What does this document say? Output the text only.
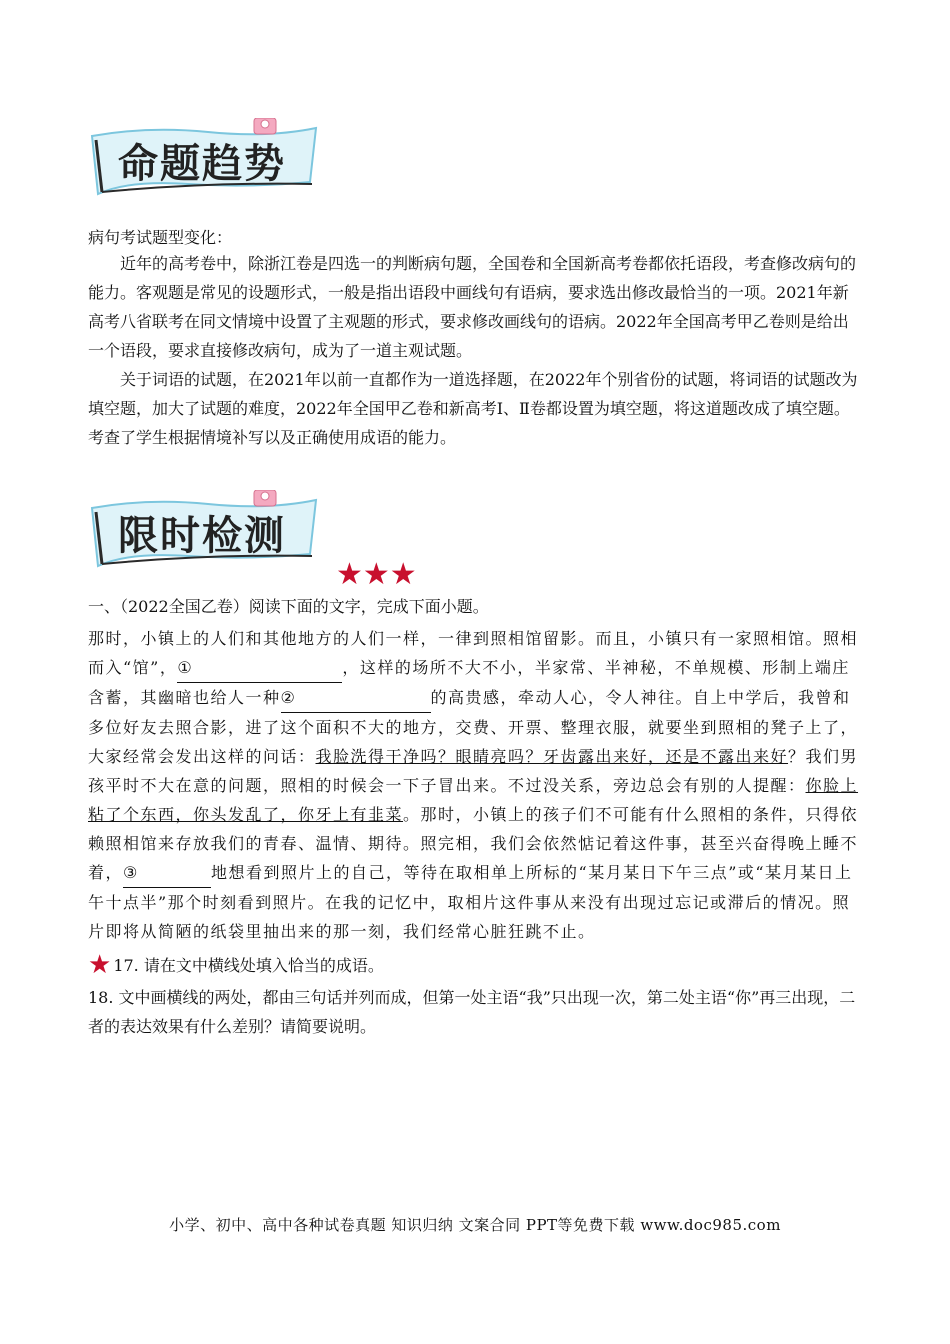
命题趋势
病句考试题型变化：
近年的高考卷中，除浙江卷是四选一的判断病句题，全国卷和全国新高考卷都依托语段，考查修改病句的能力。客观题是常见的设题形式，一般是指出语段中画线句有语病，要求选出修改最恰当的一项。2021年新高考八省联考在同文情境中设置了主观题的形式，要求修改画线句的语病。2022年全国高考甲乙卷则是给出一个语段，要求直接修改病句，成为了一道主观试题。
关于词语的试题，在2021年以前一直都作为一道选择题，在2022年个别省份的试题，将词语的试题改为填空题，加大了试题的难度，2022年全国甲乙卷和新高考Ⅰ、Ⅱ卷都设置为填空题，将这道题改成了填空题。考查了学生根据情境补写以及正确使用成语的能力。
限时检测
★★★
一、（2022全国乙卷）阅读下面的文字，完成下面小题。
那时，小镇上的人们和其他地方的人们一样，一律到照相馆留影。而且，小镇只有一家照相馆。照相而入“馆”，①	，这样的场所不大不小，半家常、半神秘，不单规模、形制上端庄含蓄，其幽暗也给人一种②	的高贵感，牵动人心，令人神往。自上中学后，我曾和多位好友去照合影，进了这个面积不大的地方，交费、开票、整理衣服，就要坐到照相的凳子上了，大家经常会发出这样的问话：我脸洗得干净吗？眼睛亮吗？牙齿露出来好，还是不露出来好？我们男孩平时不大在意的问题，照相的时候会一下子冒出来。不过没关系，旁边总会有别的人提醒：你脸上粘了个东西，你头发乱了，你牙上有韭菜。那时，小镇上的孩子们不可能有什么照相的条件，只得依赖照相馆来存放我们的青春、温情、期待。照完相，我们会依然惦记着这件事，甚至兴奋得晚上睡不着，③	地想看到照片上的自己，等待在取相单上所标的“某月某日下午三点”或“某月某日上午十点半”那个时刻看到照片。在我的记忆中，取相片这件事从来没有出现过忘记或滞后的情况。照片即将从简陋的纸袋里抽出来的那一刻，我们经常心脏狂跳不止。
★ 17. 请在文中横线处填入恰当的成语。
18. 文中画横线的两处，都由三句话并列而成，但第一处主语“我”只出现一次，第二处主语“你”再三出现，二者的表达效果有什么差别？请简要说明。
小学、初中、高中各种试卷真题 知识归纳 文案合同 PPT等免费下载 www.doc985.com
